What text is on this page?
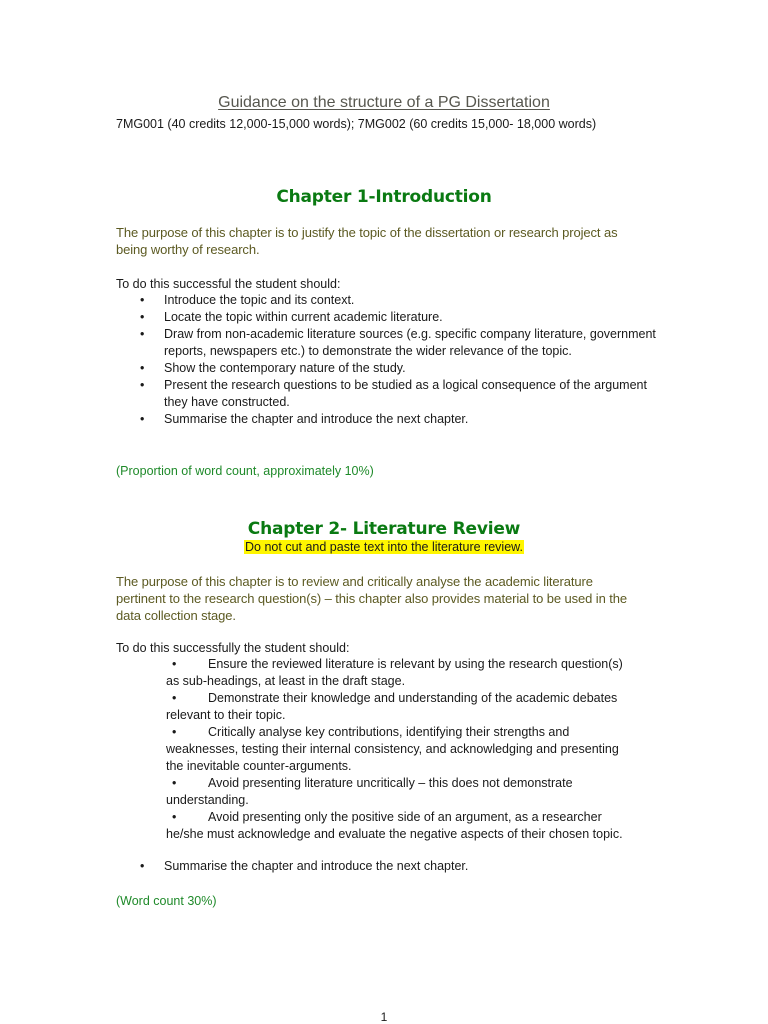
Guidance on the structure of a PG Dissertation

7MG001 (40 credits 12,000-15,000 words); 7MG002 (60 credits 15,000- 18,000 words)

Chapter 1-Introduction

The purpose of this chapter is to justify the topic of the dissertation or research project as being worthy of research.

To do this successful the student should:

• Introduce the topic and its context.
• Locate the topic within current academic literature.
• Draw from non-academic literature sources (e.g. specific company literature, government reports, newspapers etc.) to demonstrate the wider relevance of the topic.
• Show the contemporary nature of the study.
• Present the research questions to be studied as a logical consequence of the argument they have constructed.
• Summarise the chapter and introduce the next chapter.

(Proportion of word count, approximately 10%)

Chapter 2- Literature Review

Do not cut and paste text into the literature review.

The purpose of this chapter is to review and critically analyse the academic literature pertinent to the research question(s) – this chapter also provides material to be used in the data collection stage.

To do this successfully the student should:

•	Ensure the reviewed literature is relevant by using the research question(s) as sub-headings, at least in the draft stage.
•	Demonstrate their knowledge and understanding of the academic debates relevant to their topic.
•	Critically analyse key contributions, identifying their strengths and weaknesses, testing their internal consistency, and acknowledging and presenting the inevitable counter-arguments.
•	Avoid presenting literature uncritically – this does not demonstrate understanding.
•	Avoid presenting only the positive side of an argument, as a researcher he/she must acknowledge and evaluate the negative aspects of their chosen topic.
• Summarise the chapter and introduce the next chapter.

(Word count 30%)

1
